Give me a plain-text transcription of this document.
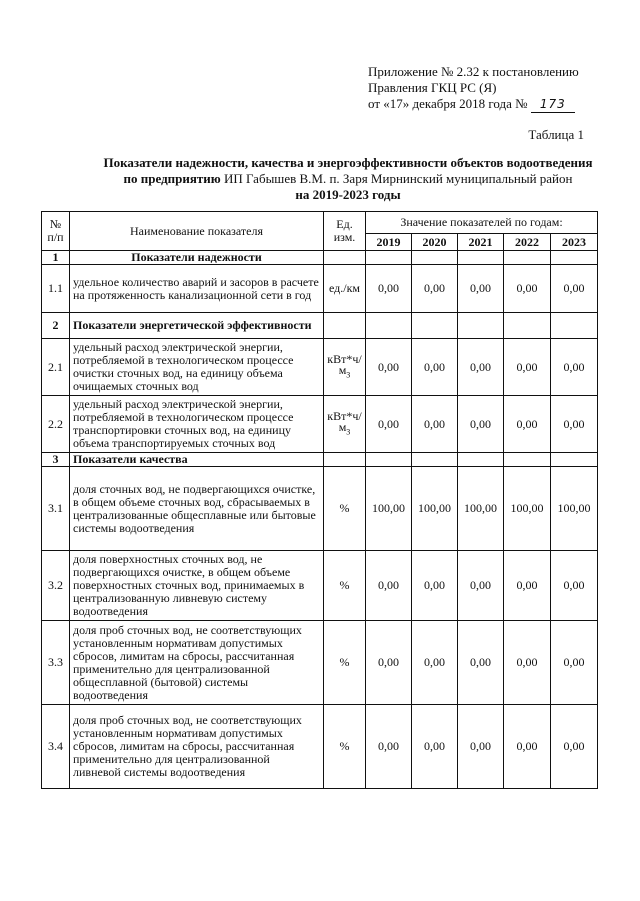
Приложение № 2.32 к постановлению
Правления ГКЦ РС (Я)
от «17» декабря 2018 года № 173
Таблица 1
Показатели надежности, качества и энергоэффективности объектов водоотведения
по предприятию ИП Габышев В.М. п. Заря Мирнинский муниципальный район
на 2019-2023 годы
№ п/п	Наименование показателя	Ед. изм.	Значение показателей по годам:				
			2019	2020	2021	2022	2023
1	Показатели надежности						
1.1	удельное количество аварий и засоров в расчете на протяженность канализационной сети в год	ед./км	0,00	0,00	0,00	0,00	0,00
2	Показатели энергетической эффективности						
2.1	удельный расход электрической энергии, потребляемой в технологическом процессе очистки сточных вод, на единицу объема очищаемых сточных вод	$кВт*ч/м_3$	0,00	0,00	0,00	0,00	0,00
2.2	удельный расход электрической энергии, потребляемой в технологическом процессе транспортировки сточных вод, на единицу объема транспортируемых сточных вод	$кВт*ч/м_3$	0,00	0,00	0,00	0,00	0,00
3	Показатели качества						
3.1	доля сточных вод, не подвергающихся очистке, в общем объеме сточных вод, сбрасываемых в централизованные общесплавные или бытовые системы водоотведения	%	100,00	100,00	100,00	100,00	100,00
3.2	доля поверхностных сточных вод, не подвергающихся очистке, в общем объеме поверхностных сточных вод, принимаемых в централизованную ливневую систему водоотведения	%	0,00	0,00	0,00	0,00	0,00
3.3	доля проб сточных вод, не соответствующих установленным нормативам допустимых сбросов, лимитам на сбросы, рассчитанная применительно для централизованной общесплавной (бытовой) системы водоотведения	%	0,00	0,00	0,00	0,00	0,00
3.4	доля проб сточных вод, не соответствующих установленным нормативам допустимых сбросов, лимитам на сбросы, рассчитанная применительно для централизованной ливневой системы водоотведения	%	0,00	0,00	0,00	0,00	0,00
